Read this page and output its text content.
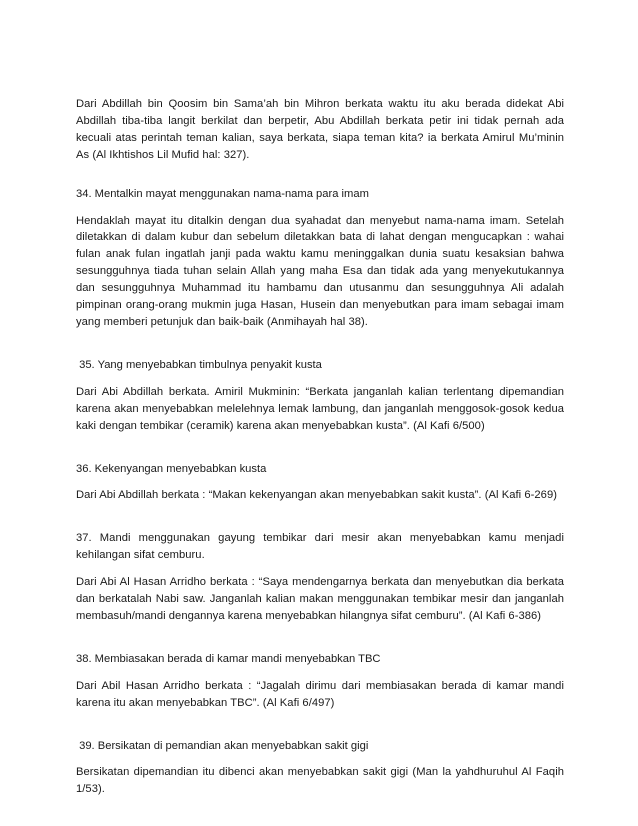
Dari Abdillah bin Qoosim bin Sama’ah bin Mihron berkata waktu itu aku berada didekat Abi Abdillah tiba-tiba langit berkilat dan berpetir, Abu Abdillah berkata petir ini tidak pernah ada kecuali atas perintah teman kalian, saya berkata, siapa teman kita? ia berkata Amirul Mu’minin As (Al Ikhtishos Lil Mufid hal: 327).

34. Mentalkin mayat menggunakan nama-nama para imam

Hendaklah mayat itu ditalkin dengan dua syahadat dan menyebut nama-nama imam. Setelah diletakkan di dalam kubur dan sebelum diletakkan bata di lahat dengan mengucapkan : wahai fulan anak fulan ingatlah janji pada waktu kamu meninggalkan dunia suatu kesaksian bahwa sesungguhnya tiada tuhan selain Allah yang maha Esa dan tidak ada yang menyekutukannya dan sesungguhnya Muhammad itu hambamu dan utusanmu dan sesungguhnya Ali adalah pimpinan orang-orang mukmin juga Hasan, Husein dan menyebutkan para imam sebagai imam yang memberi petunjuk dan baik-baik (Anmihayah hal 38).

35. Yang menyebabkan timbulnya penyakit kusta

Dari Abi Abdillah berkata. Amiril Mukminin: “Berkata janganlah kalian terlentang dipemandian karena akan menyebabkan melelehnya lemak lambung, dan janganlah menggosok-gosok kedua kaki dengan tembikar (ceramik) karena akan menyebabkan kusta”. (Al Kafi 6/500)

36. Kekenyangan menyebabkan kusta

Dari Abi Abdillah berkata : “Makan kekenyangan akan menyebabkan sakit kusta”. (Al Kafi 6-269)

37. Mandi menggunakan gayung tembikar dari mesir akan menyebabkan kamu menjadi kehilangan sifat cemburu.

Dari Abi Al Hasan Arridho berkata : “Saya mendengarnya berkata dan menyebutkan dia berkata dan berkatalah Nabi saw. Janganlah kalian makan menggunakan tembikar mesir dan janganlah membasuh/mandi dengannya karena menyebabkan hilangnya sifat cemburu”. (Al Kafi 6-386)

38. Membiasakan berada di kamar mandi menyebabkan TBC

Dari Abil Hasan Arridho berkata : “Jagalah dirimu dari membiasakan berada di kamar mandi karena itu akan menyebabkan TBC”. (Al Kafi 6/497)

39. Bersikatan di pemandian akan menyebabkan sakit gigi

Bersikatan dipemandian itu dibenci akan menyebabkan sakit gigi (Man la yahdhuruhul Al Faqih 1/53).
